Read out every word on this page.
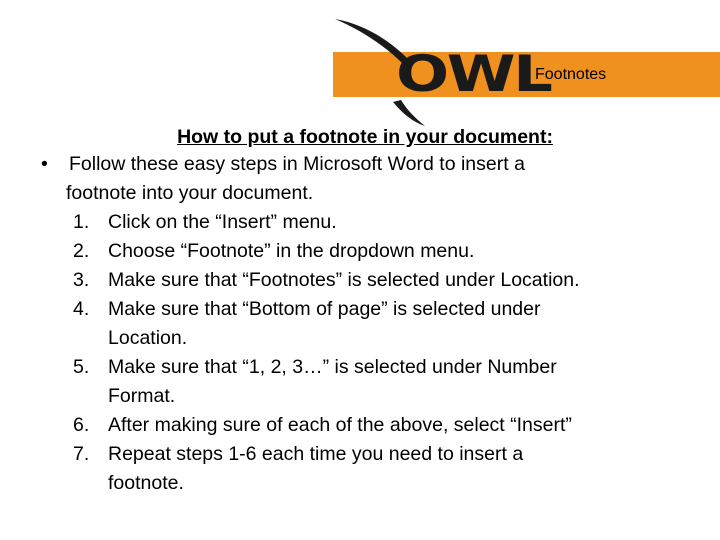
OWL
Footnotes
How to put a footnote in your document:
• Follow these easy steps in Microsoft Word to insert a
footnote into your document.
1. Click on the “Insert” menu.
2. Choose “Footnote” in the dropdown menu.
3. Make sure that “Footnotes” is selected under Location.
4. Make sure that “Bottom of page” is selected under
Location.
5. Make sure that “1, 2, 3…” is selected under Number
Format.
6. After making sure of each of the above, select “Insert”
7. Repeat steps 1-6 each time you need to insert a
footnote.
